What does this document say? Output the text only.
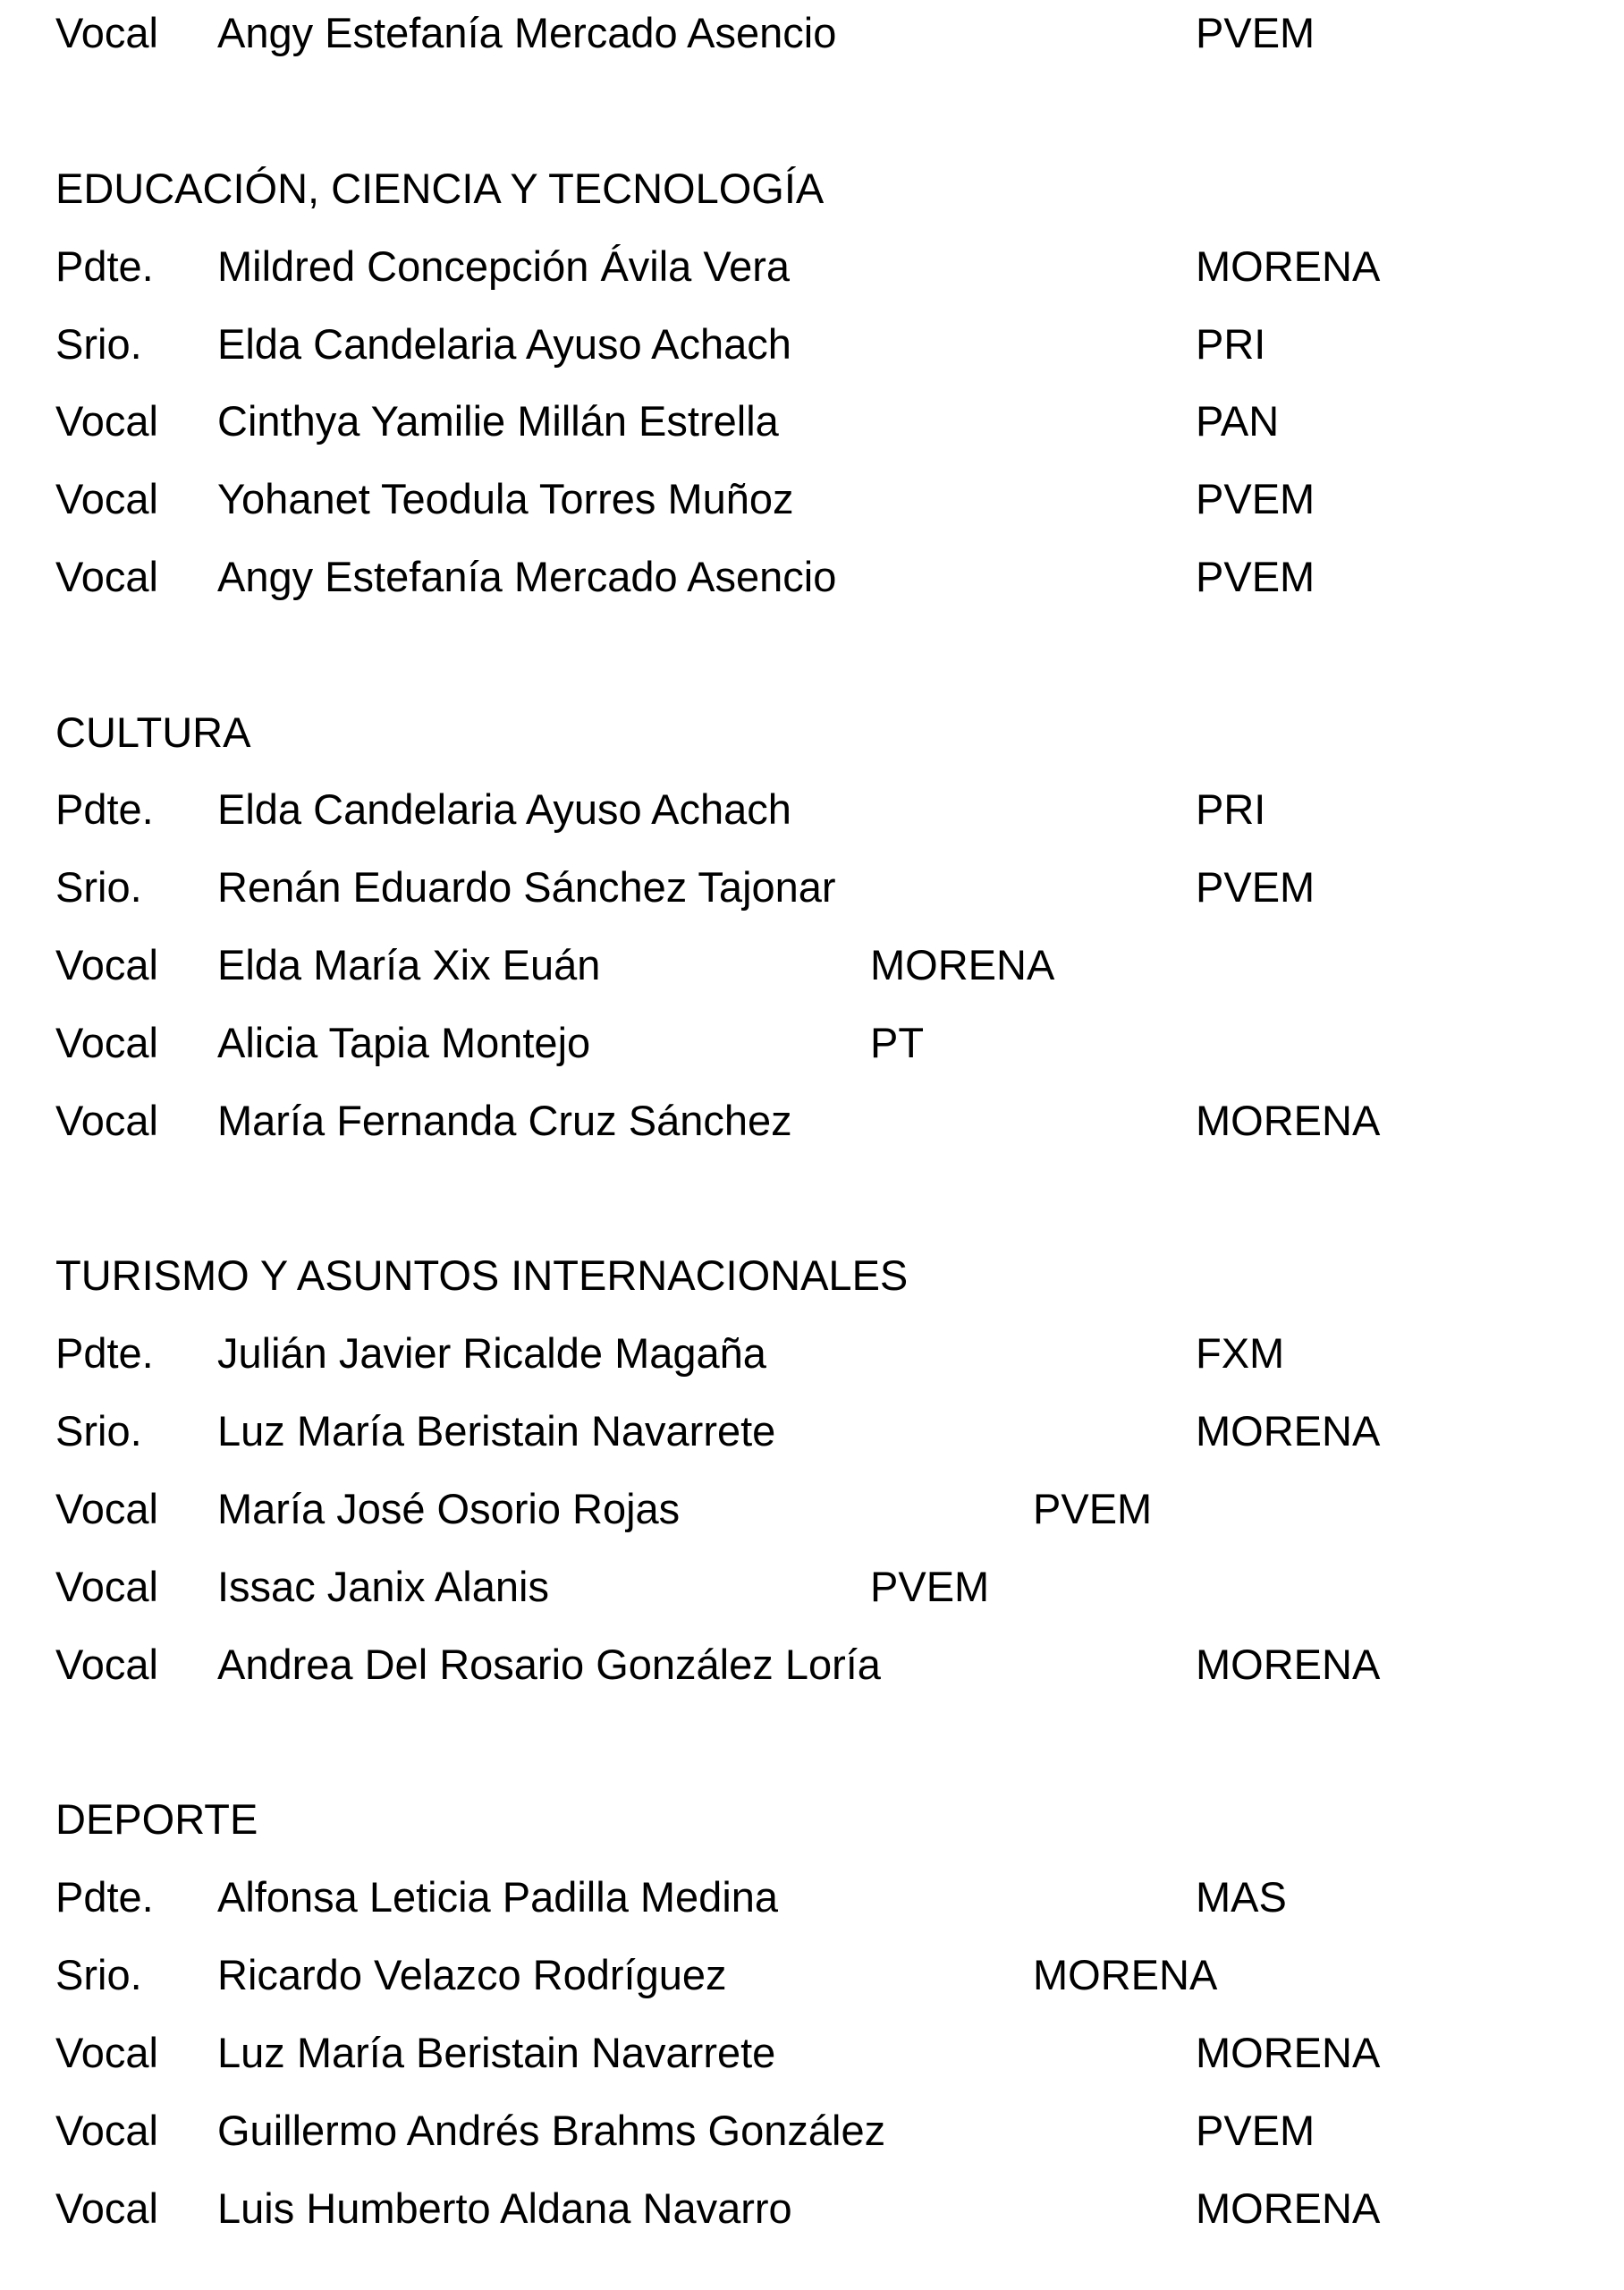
Vocal Angy Estefanía Mercado Asencio	PVEM
EDUCACIÓN, CIENCIA Y TECNOLOGÍA
Pdte. Mildred Concepción Ávila Vera	MORENA
Srio. Elda Candelaria Ayuso Achach	PRI
Vocal Cinthya Yamilie Millán Estrella	PAN
Vocal Yohanet Teodula Torres Muñoz	PVEM
Vocal Angy Estefanía Mercado Asencio	PVEM
CULTURA
Pdte. Elda Candelaria Ayuso Achach	PRI
Srio. Renán Eduardo Sánchez Tajonar	PVEM
Vocal Elda María Xix Euán	MORENA
Vocal Alicia Tapia Montejo	PT
Vocal María Fernanda Cruz Sánchez	MORENA
TURISMO Y ASUNTOS INTERNACIONALES
Pdte. Julián Javier Ricalde Magaña	FXM
Srio. Luz María Beristain Navarrete	MORENA
Vocal María José Osorio Rojas	PVEM
Vocal Issac Janix Alanis	PVEM
Vocal Andrea Del Rosario González Loría	MORENA
DEPORTE
Pdte. Alfonsa Leticia Padilla Medina	MAS
Srio. Ricardo Velazco Rodríguez	MORENA
Vocal Luz María Beristain Navarrete	MORENA
Vocal Guillermo Andrés Brahms González	PVEM
Vocal Luis Humberto Aldana Navarro	MORENA
